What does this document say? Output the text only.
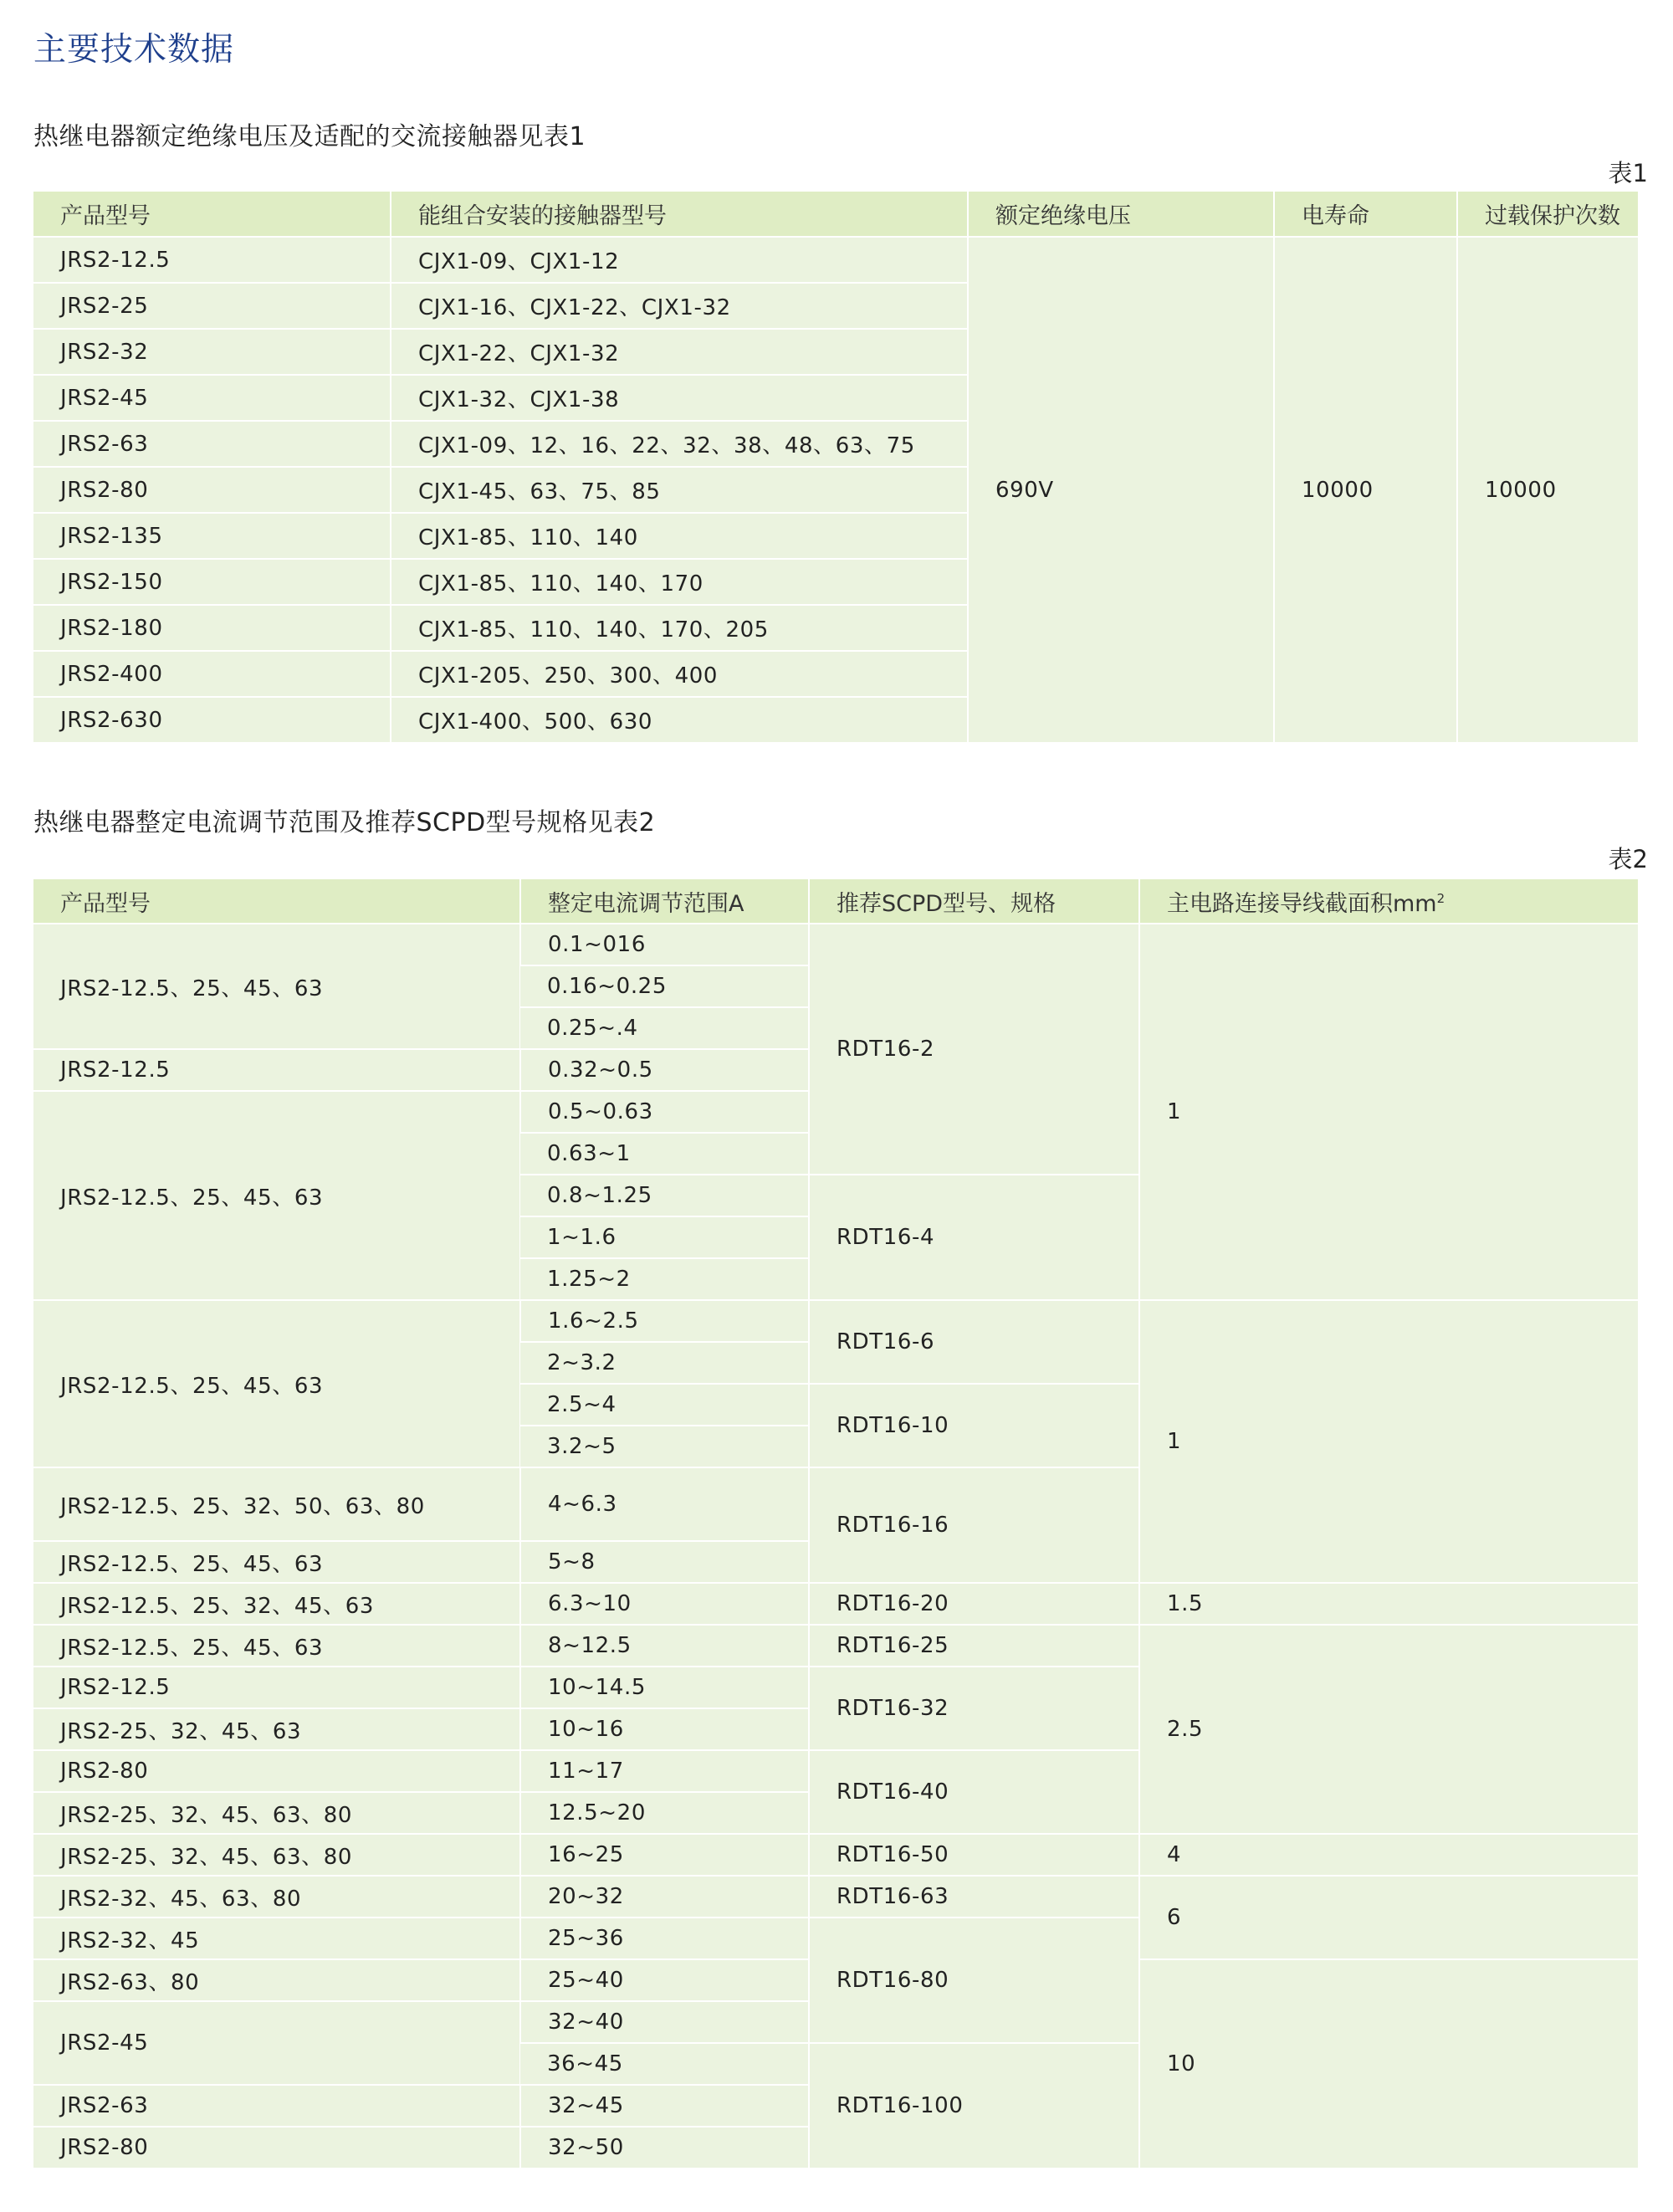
主要技术数据
热继电器额定绝缘电压及适配的交流接触器见表1
表1
产品型号	能组合安装的接触器型号	额定绝缘电压	电寿命	过载保护次数
JRS2-12.5	CJX1-09、CJX1-12	690V	10000	10000
JRS2-25	CJX1-16、CJX1-22、CJX1-32			
JRS2-32	CJX1-22、CJX1-32			
JRS2-45	CJX1-32、CJX1-38			
JRS2-63	CJX1-09、12、16、22、32、38、48、63、75			
JRS2-80	CJX1-45、63、75、85			
JRS2-135	CJX1-85、110、140			
JRS2-150	CJX1-85、110、140、170			
JRS2-180	CJX1-85、110、140、170、205			
JRS2-400	CJX1-205、250、300、400			
JRS2-630	CJX1-400、500、630			
热继电器整定电流调节范围及推荐SCPD型号规格见表2
表2
产品型号	整定电流调节范围A	推荐SCPD型号、规格	主电路连接导线截面积$mm^2$
JRS2-12.5、25、45、63	0.1~016	RDT16-2	1
	0.16~0.25		
	0.25~.4		
JRS2-12.5	0.32~0.5		
JRS2-12.5、25、45、63	0.5~0.63		
	0.63~1		
	0.8~1.25	RDT16-4	
	1~1.6		
	1.25~2		
JRS2-12.5、25、45、63	1.6~2.5	RDT16-6	1
	2~3.2		
	2.5~4	RDT16-10	
	3.2~5		
JRS2-12.5、25、32、50、63、80	4~6.3	RDT16-16	
JRS2-12.5、25、45、63	5~8		
JRS2-12.5、25、32、45、63	6.3~10	RDT16-20	1.5
JRS2-12.5、25、45、63	8~12.5	RDT16-25	2.5
JRS2-12.5	10~14.5	RDT16-32	
JRS2-25、32、45、63	10~16		
JRS2-80	11~17	RDT16-40	
JRS2-25、32、45、63、80	12.5~20		
JRS2-25、32、45、63、80	16~25	RDT16-50	4
JRS2-32、45、63、80	20~32	RDT16-63	6
JRS2-32、45	25~36	RDT16-80	
JRS2-63、80	25~40		10
JRS2-45	32~40		
	36~45	RDT16-100	
JRS2-63	32~45		
JRS2-80	32~50		
